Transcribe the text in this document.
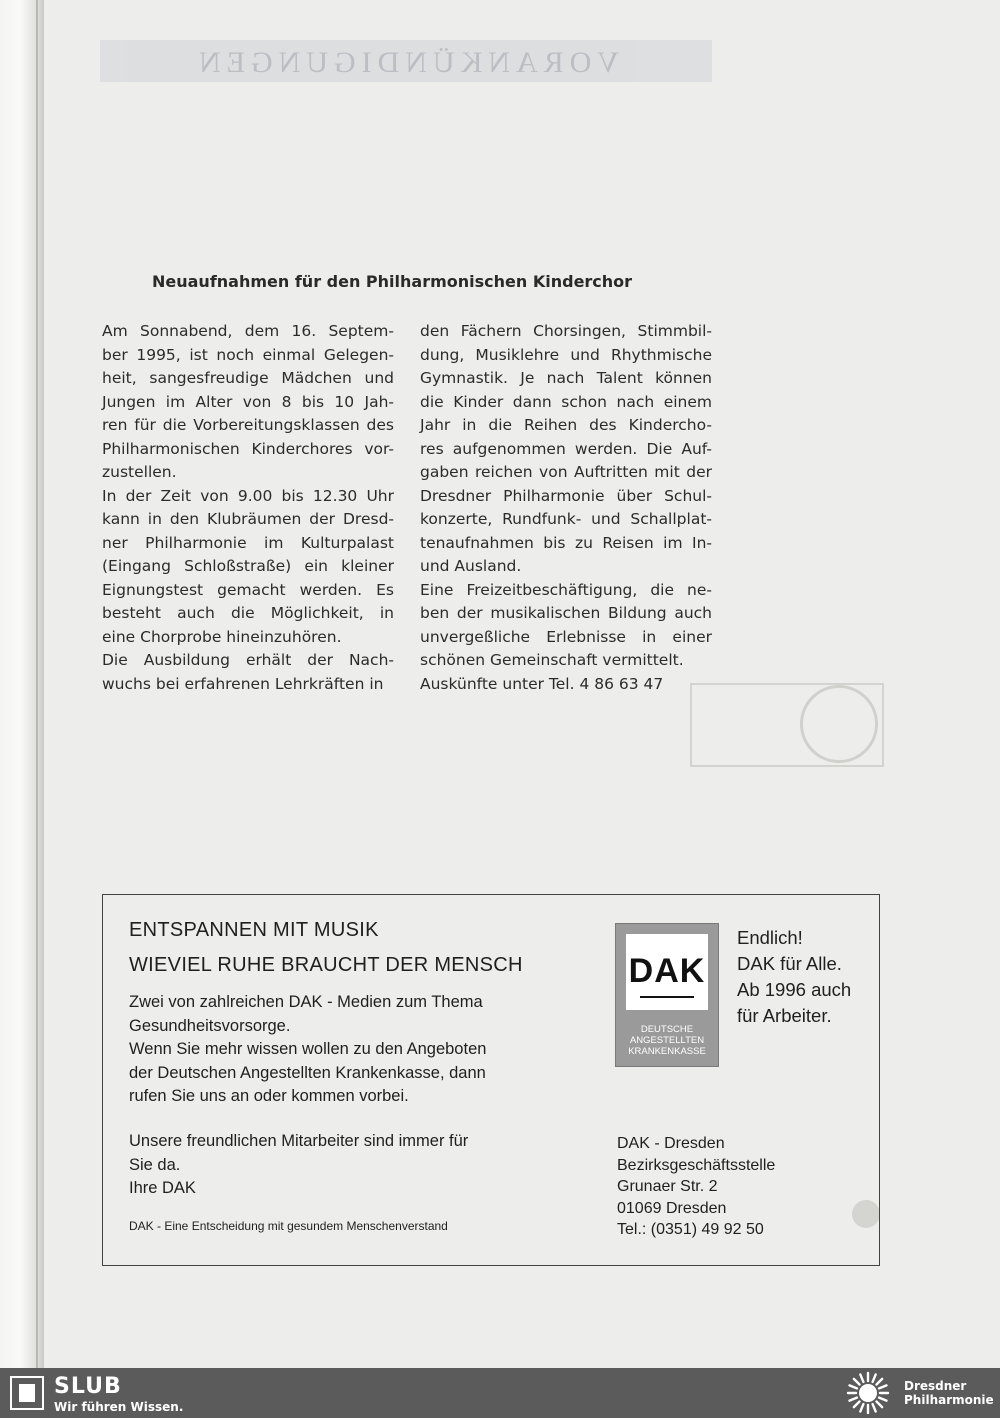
VORANKÜNDIGUNGEN
Neuaufnahmen für den Philharmonischen Kinderchor

Am Sonnabend, dem 16. Septem-
ber 1995, ist noch einmal Gelegen-
heit, sangesfreudige Mädchen und
Jungen im Alter von 8 bis 10 Jah-
ren für die Vorbereitungsklassen des
Philharmonischen Kinderchores vor-
zustellen.
In der Zeit von 9.00 bis 12.30 Uhr
kann in den Klubräumen der Dresd-
ner Philharmonie im Kulturpalast
(Eingang Schloßstraße) ein kleiner
Eignungstest gemacht werden. Es
besteht auch die Möglichkeit, in
eine Chorprobe hineinzuhören.
Die Ausbildung erhält der Nach-
wuchs bei erfahrenen Lehrkräften in

den Fächern Chorsingen, Stimmbil-
dung, Musiklehre und Rhythmische
Gymnastik. Je nach Talent können
die Kinder dann schon nach einem
Jahr in die Reihen des Kindercho-
res aufgenommen werden. Die Auf-
gaben reichen von Auftritten mit der
Dresdner Philharmonie über Schul-
konzerte, Rundfunk- und Schallplat-
tenaufnahmen bis zu Reisen im In-
und Ausland.
Eine Freizeitbeschäftigung, die ne-
ben der musikalischen Bildung auch
unvergeßliche Erlebnisse in einer
schönen Gemeinschaft vermittelt.
Auskünfte unter Tel. 4 86 63 47

ENTSPANNEN MIT MUSIK
WIEVIEL RUHE BRAUCHT DER MENSCH
Zwei von zahlreichen DAK - Medien zum Thema
Gesundheitsvorsorge.
Wenn Sie mehr wissen wollen zu den Angeboten
der Deutschen Angestellten Krankenkasse, dann
rufen Sie uns an oder kommen vorbei.
Unsere freundlichen Mitarbeiter sind immer für
Sie da.
Ihre DAK
DAK - Eine Entscheidung mit gesundem Menschenverstand
DAK
DEUTSCHE
ANGESTELLTEN
KRANKENKASSE
Endlich!
DAK für Alle.
Ab 1996 auch
für Arbeiter.
DAK - Dresden
Bezirksgeschäftsstelle
Grunaer Str. 2
01069 Dresden
Tel.: (0351) 49 92 50
SLUB
Wir führen Wissen.
Dresdner
Philharmonie
